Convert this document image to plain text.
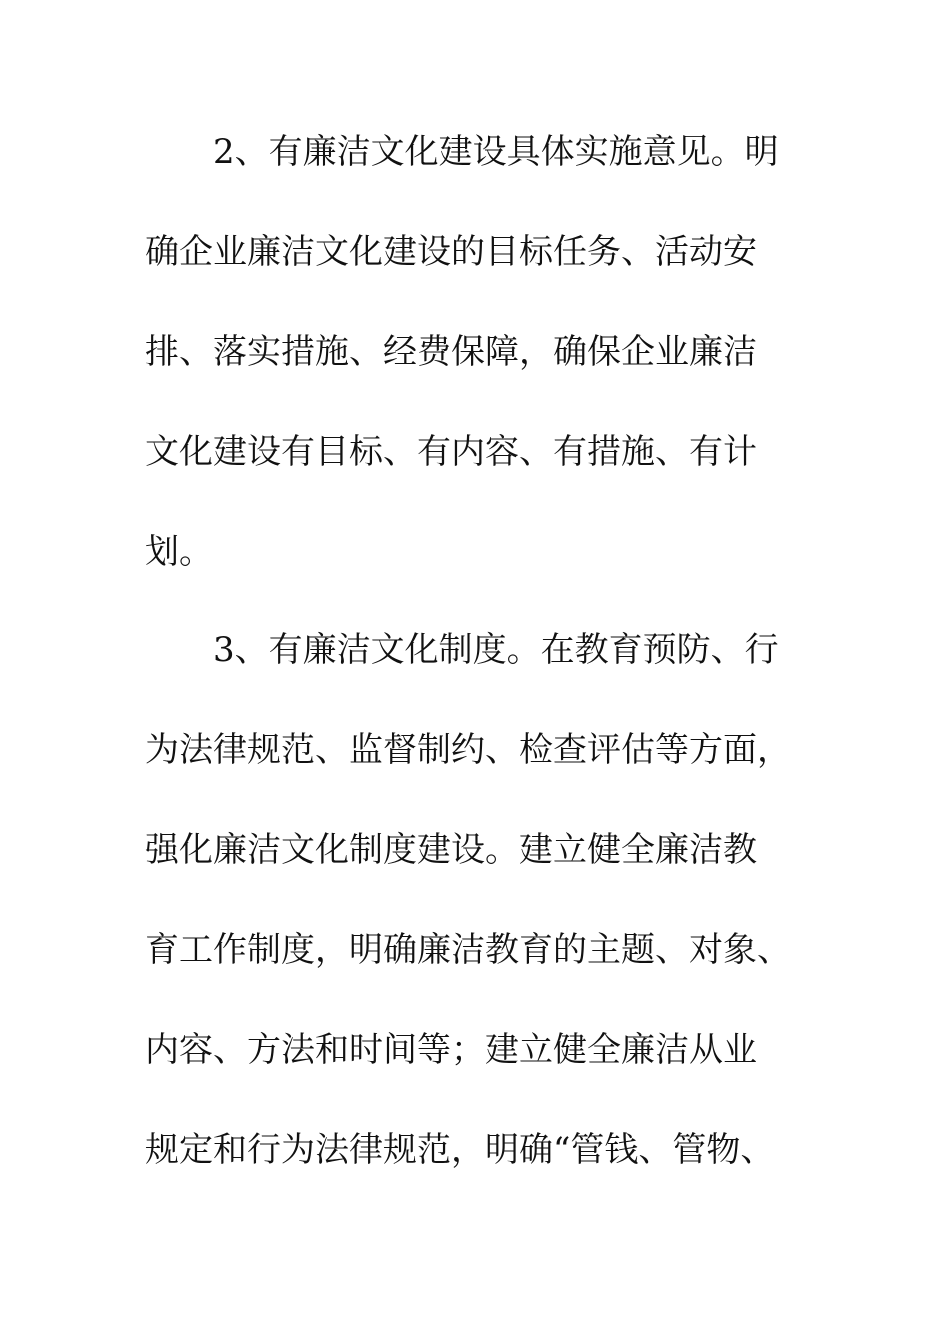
2、有廉洁文化建设具体实施意见。明
确企业廉洁文化建设的目标任务、活动安
排、落实措施、经费保障，确保企业廉洁
文化建设有目标、有内容、有措施、有计
划。
3、有廉洁文化制度。在教育预防、行
为法律规范、监督制约、检查评估等方面，
强化廉洁文化制度建设。建立健全廉洁教
育工作制度，明确廉洁教育的主题、对象、
内容、方法和时间等；建立健全廉洁从业
规定和行为法律规范，明确“管钱、管物、
